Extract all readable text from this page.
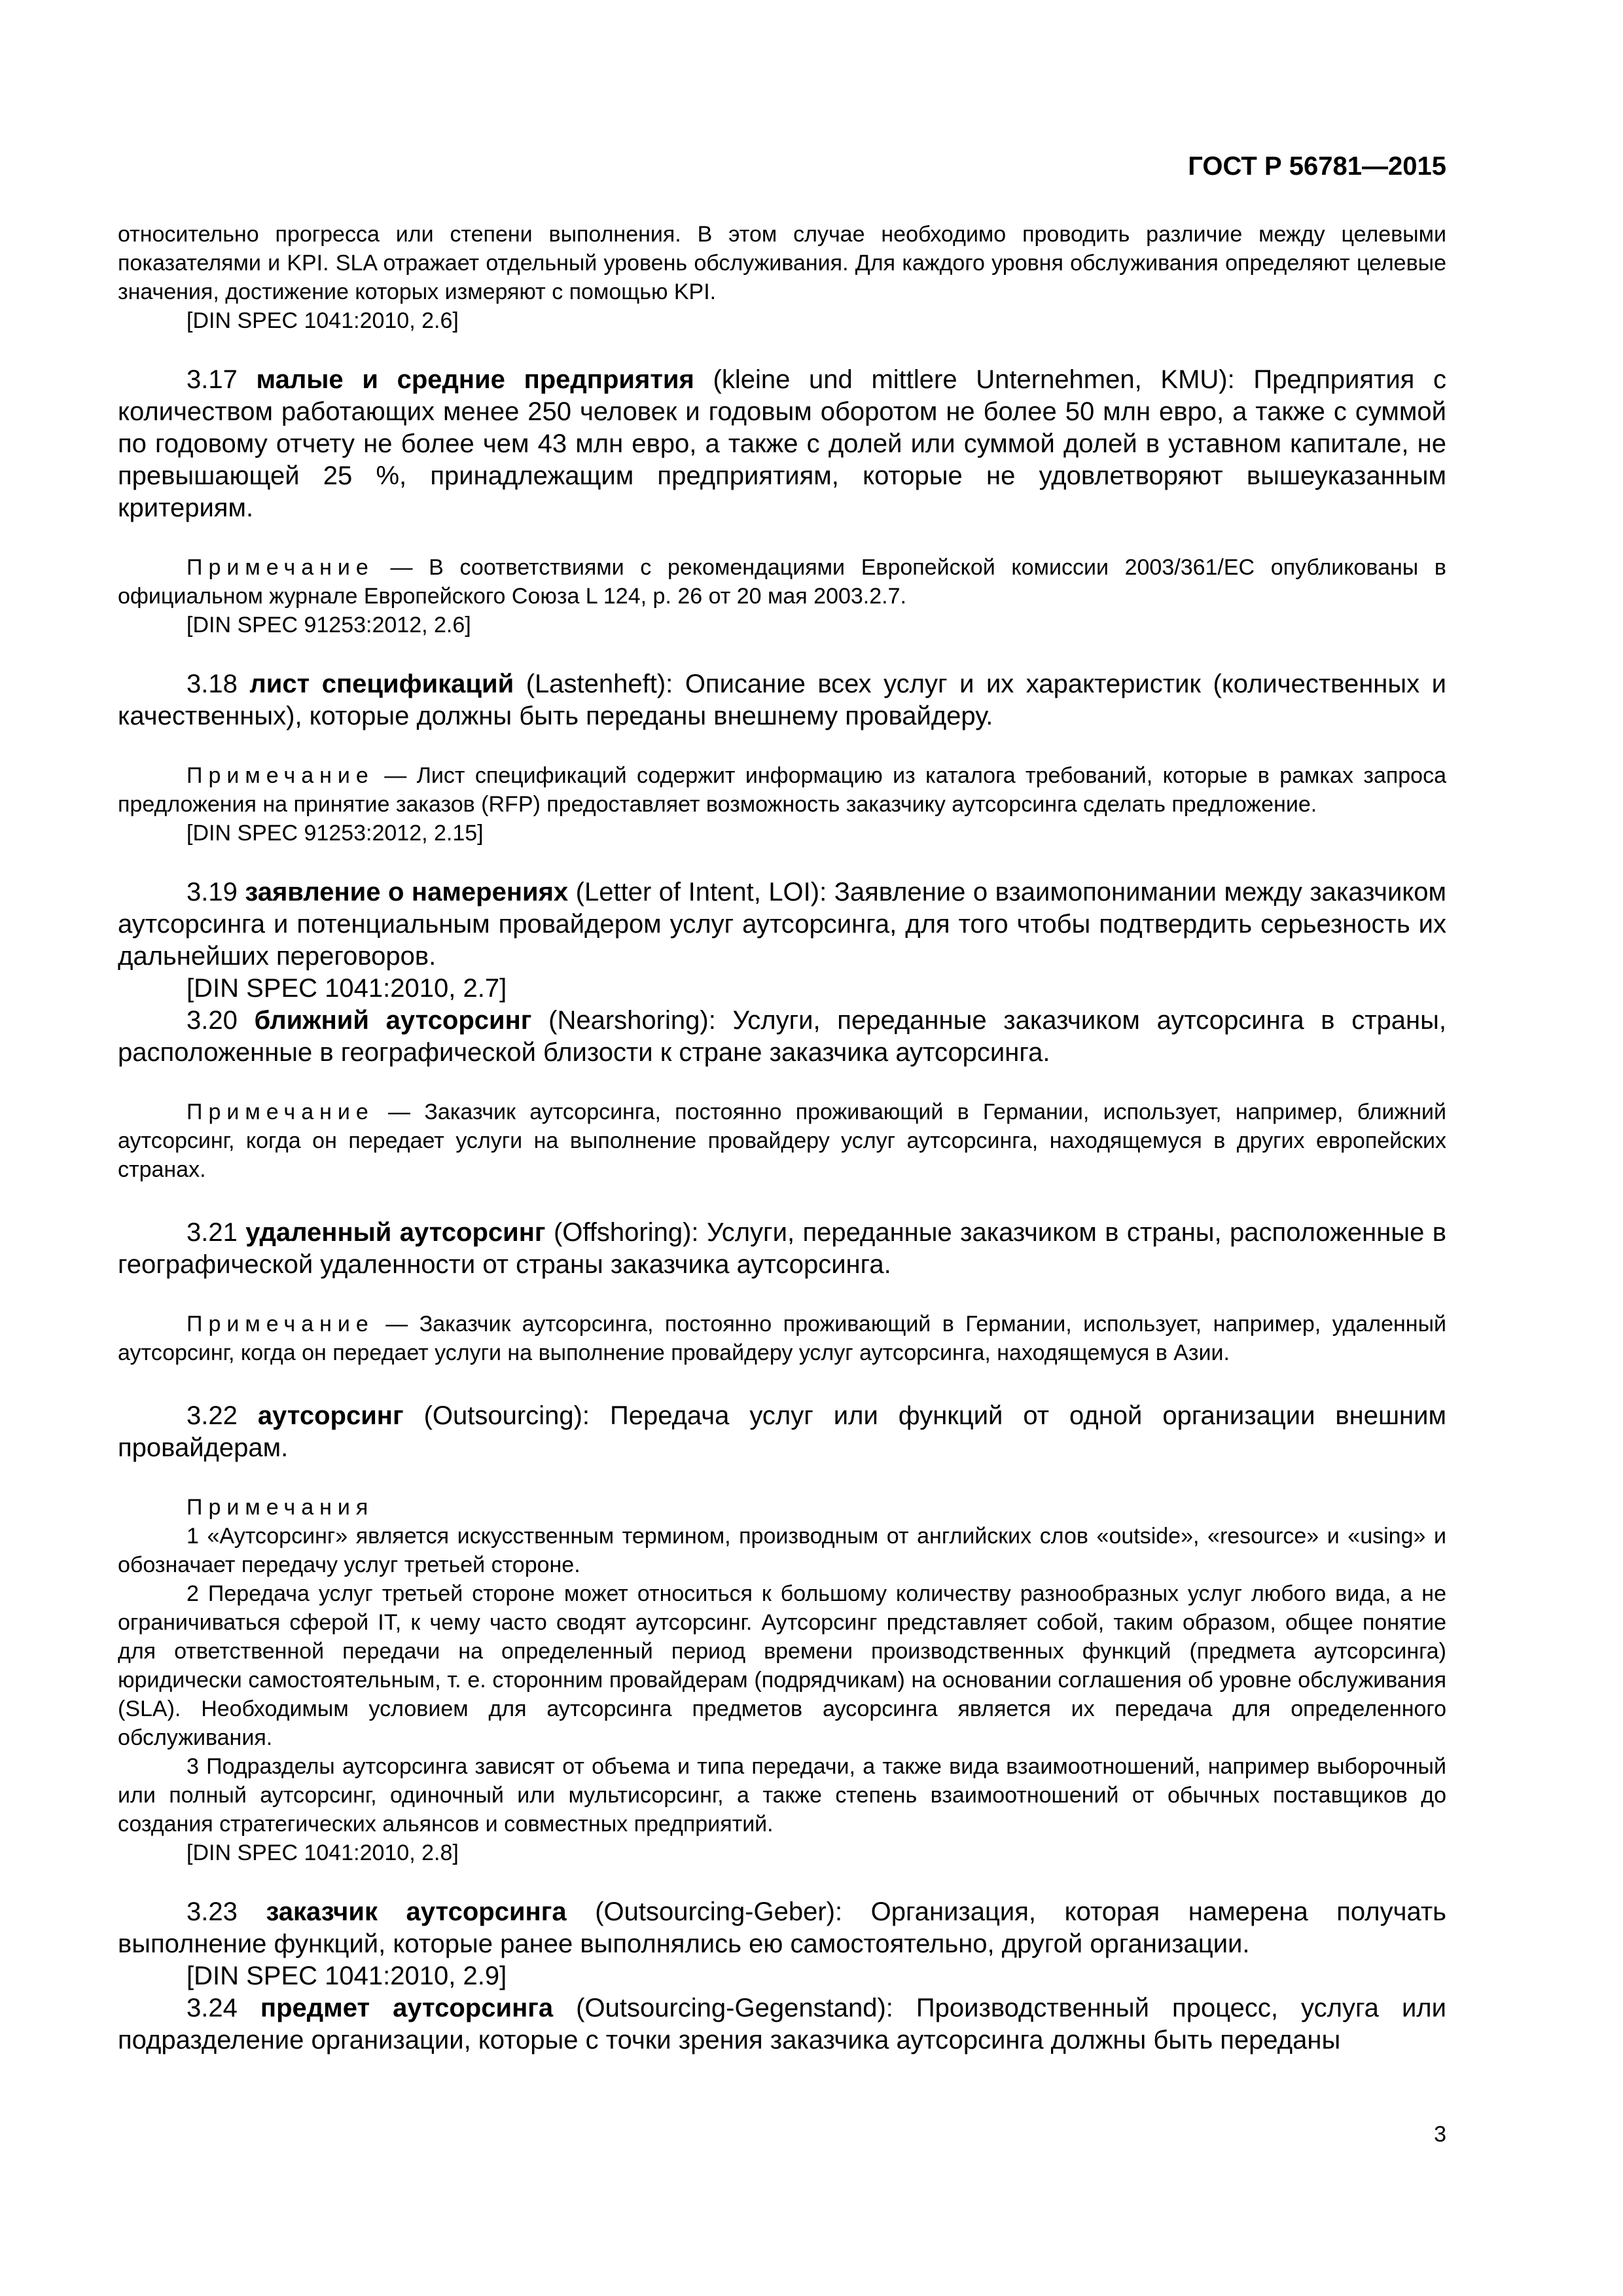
ГОСТ Р 56781—2015

относительно прогресса или степени выполнения. В этом случае необходимо проводить различие между целевыми показателями и KPI. SLA отражает отдельный уровень обслуживания. Для каждого уровня обслуживания определяют целевые значения, достижение которых измеряют с помощью KPI.

[DIN SPEC 1041:2010, 2.6]

3.17 малые и средние предприятия (kleine und mittlere Unternehmen, KMU): Предприятия с количеством работающих менее 250 человек и годовым оборотом не более 50 млн евро, а также с суммой по годовому отчету не более чем 43 млн евро, а также с долей или суммой долей в уставном капитале, не превышающей 25 %, принадлежащим предприятиям, которые не удовлетворяют вышеуказанным критериям.

Примечание — В соответствиями с рекомендациями Европейской комиссии 2003/361/EC опубликованы в официальном журнале Европейского Союза L 124, p. 26 от 20 мая 2003.2.7.

[DIN SPEC 91253:2012, 2.6]

3.18 лист спецификаций (Lastenheft): Описание всех услуг и их характеристик (количественных и качественных), которые должны быть переданы внешнему провайдеру.

Примечание — Лист спецификаций содержит информацию из каталога требований, которые в рамках запроса предложения на принятие заказов (RFP) предоставляет возможность заказчику аутсорсинга сделать предложение.

[DIN SPEC 91253:2012, 2.15]

3.19 заявление о намерениях (Letter of Intent, LOI): Заявление о взаимопонимании между заказчиком аутсорсинга и потенциальным провайдером услуг аутсорсинга, для того чтобы подтвердить серьезность их дальнейших переговоров.

[DIN SPEC 1041:2010, 2.7]

3.20 ближний аутсорсинг (Nearshoring): Услуги, переданные заказчиком аутсорсинга в страны, расположенные в географической близости к стране заказчика аутсорсинга.

Примечание — Заказчик аутсорсинга, постоянно проживающий в Германии, использует, например, ближний аутсорсинг, когда он передает услуги на выполнение провайдеру услуг аутсорсинга, находящемуся в других европейских странах.

3.21 удаленный аутсорсинг (Offshoring): Услуги, переданные заказчиком в страны, расположенные в географической удаленности от страны заказчика аутсорсинга.

Примечание — Заказчик аутсорсинга, постоянно проживающий в Германии, использует, например, удаленный аутсорсинг, когда он передает услуги на выполнение провайдеру услуг аутсорсинга, находящемуся в Азии.

3.22 аутсорсинг (Outsourcing): Передача услуг или функций от одной организации внешним провайдерам.

Примечания

1 «Аутсорсинг» является искусственным термином, производным от английских слов «outside», «resource» и «using» и обозначает передачу услуг третьей стороне.

2 Передача услуг третьей стороне может относиться к большому количеству разнообразных услуг любого вида, а не ограничиваться сферой IT, к чему часто сводят аутсорсинг. Аутсорсинг представляет собой, таким образом, общее понятие для ответственной передачи на определенный период времени производственных функций (предмета аутсорсинга) юридически самостоятельным, т. е. сторонним провайдерам (подрядчикам) на основании соглашения об уровне обслуживания (SLA). Необходимым условием для аутсорсинга предметов аусорсинга является их передача для определенного обслуживания.

3 Подразделы аутсорсинга зависят от объема и типа передачи, а также вида взаимоотношений, например выборочный или полный аутсорсинг, одиночный или мультисорсинг, а также степень взаимоотношений от обычных поставщиков до создания стратегических альянсов и совместных предприятий.

[DIN SPEC 1041:2010, 2.8]

3.23 заказчик аутсорсинга (Outsourcing-Geber): Организация, которая намерена получать выполнение функций, которые ранее выполнялись ею самостоятельно, другой организации.

[DIN SPEC 1041:2010, 2.9]

3.24 предмет аутсорсинга (Outsourcing-Gegenstand): Производственный процесс, услуга или подразделение организации, которые с точки зрения заказчика аутсорсинга должны быть переданы

3
